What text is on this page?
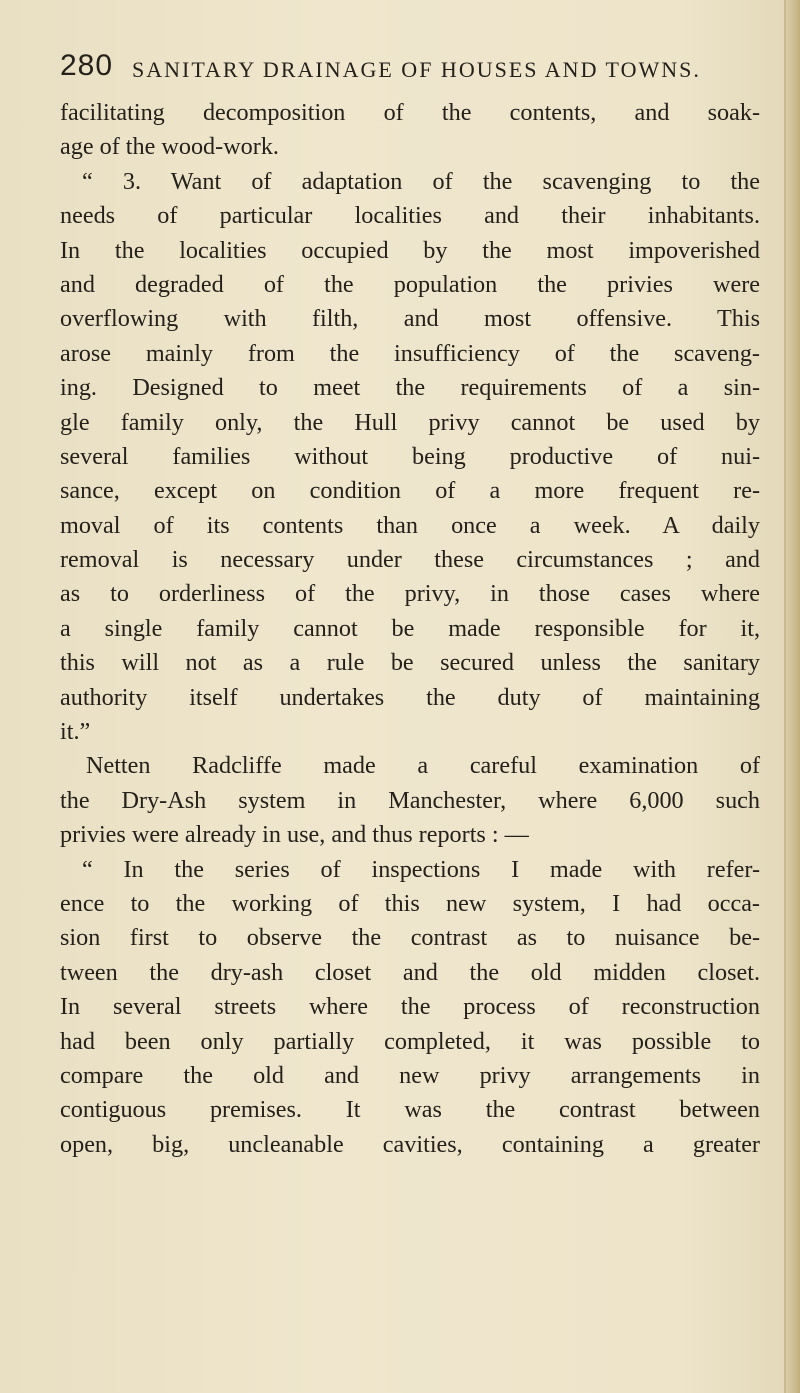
280 SANITARY DRAINAGE OF HOUSES AND TOWNS.
facilitating decomposition of the contents, and soak-
age of the wood-work.
“ 3. Want of adaptation of the scavenging to the
needs of particular localities and their inhabitants.
In the localities occupied by the most impoverished
and degraded of the population the privies were
overflowing with filth, and most offensive. This
arose mainly from the insufficiency of the scaveng-
ing. Designed to meet the requirements of a sin-
gle family only, the Hull privy cannot be used by
several families without being productive of nui-
sance, except on condition of a more frequent re-
moval of its contents than once a week. A daily
removal is necessary under these circumstances ; and
as to orderliness of the privy, in those cases where
a single family cannot be made responsible for it,
this will not as a rule be secured unless the sanitary
authority itself undertakes the duty of maintaining
it.”
Netten Radcliffe made a careful examination of
the Dry-Ash system in Manchester, where 6,000 such
privies were already in use, and thus reports : —
“ In the series of inspections I made with refer-
ence to the working of this new system, I had occa-
sion first to observe the contrast as to nuisance be-
tween the dry-ash closet and the old midden closet.
In several streets where the process of reconstruction
had been only partially completed, it was possible to
compare the old and new privy arrangements in
contiguous premises. It was the contrast between
open, big, uncleanable cavities, containing a greater
